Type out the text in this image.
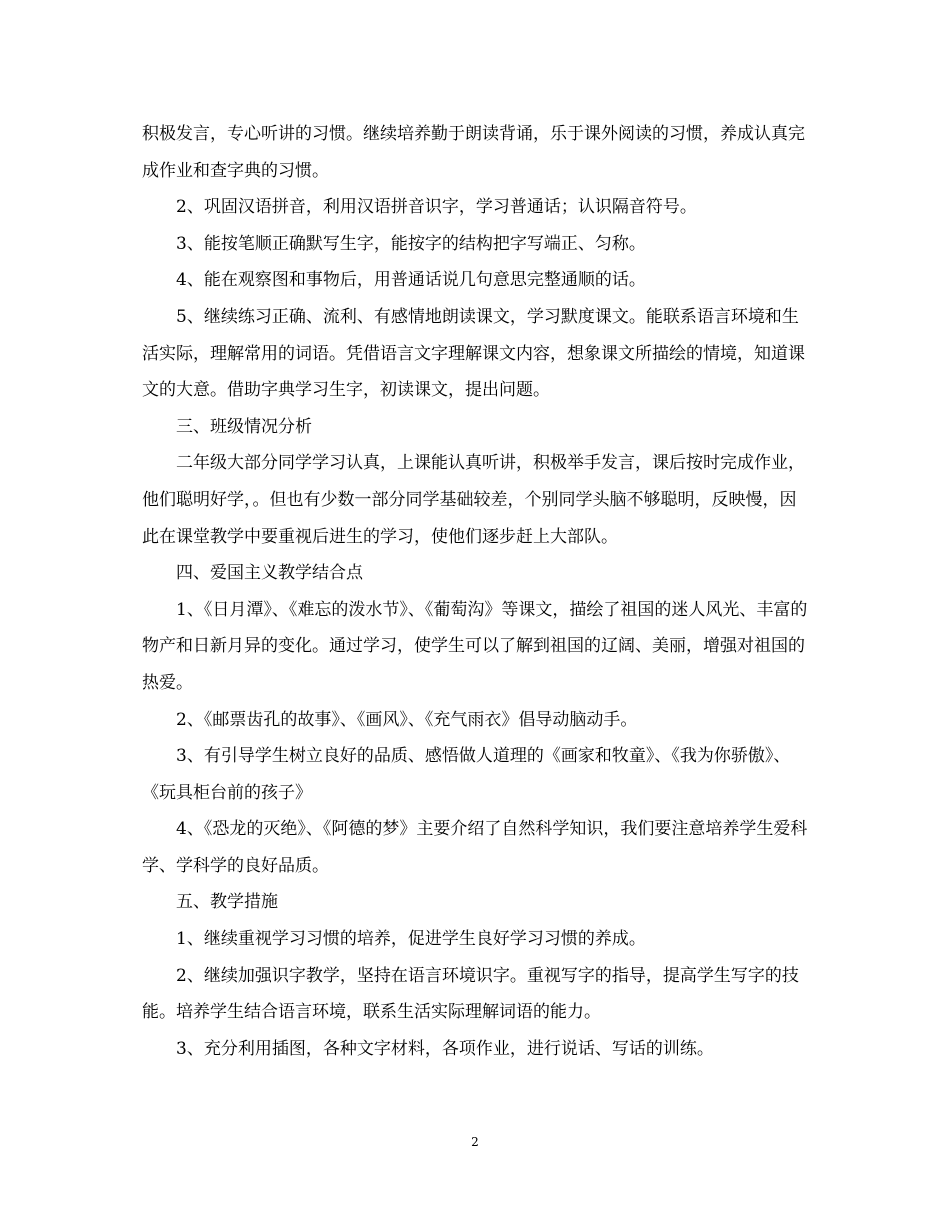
积极发言，专心听讲的习惯。继续培养勤于朗读背诵，乐于课外阅读的习惯，养成认真完成作业和查字典的习惯。

2、巩固汉语拼音，利用汉语拼音识字，学习普通话；认识隔音符号。

3、能按笔顺正确默写生字，能按字的结构把字写端正、匀称。

4、能在观察图和事物后，用普通话说几句意思完整通顺的话。

5、继续练习正确、流利、有感情地朗读课文，学习默度课文。能联系语言环境和生活实际，理解常用的词语。凭借语言文字理解课文内容，想象课文所描绘的情境，知道课文的大意。借助字典学习生字，初读课文，提出问题。

三、班级情况分析

二年级大部分同学学习认真，上课能认真听讲，积极举手发言，课后按时完成作业，他们聪明好学，。但也有少数一部分同学基础较差，个别同学头脑不够聪明，反映慢，因此在课堂教学中要重视后进生的学习，使他们逐步赶上大部队。

四、爱国主义教学结合点

1、《日月潭》、《难忘的泼水节》、《葡萄沟》等课文，描绘了祖国的迷人风光、丰富的物产和日新月异的变化。通过学习，使学生可以了解到祖国的辽阔、美丽，增强对祖国的热爱。

2、《邮票齿孔的故事》、《画风》、《充气雨衣》倡导动脑动手。

3、有引导学生树立良好的品质、感悟做人道理的《画家和牧童》、《我为你骄傲》、《玩具柜台前的孩子》

4、《恐龙的灭绝》、《阿德的梦》主要介绍了自然科学知识，我们要注意培养学生爱科学、学科学的良好品质。

五、教学措施

1、继续重视学习习惯的培养，促进学生良好学习习惯的养成。

2、继续加强识字教学，坚持在语言环境识字。重视写字的指导，提高学生写字的技能。培养学生结合语言环境，联系生活实际理解词语的能力。

3、充分利用插图，各种文字材料，各项作业，进行说话、写话的训练。

2
